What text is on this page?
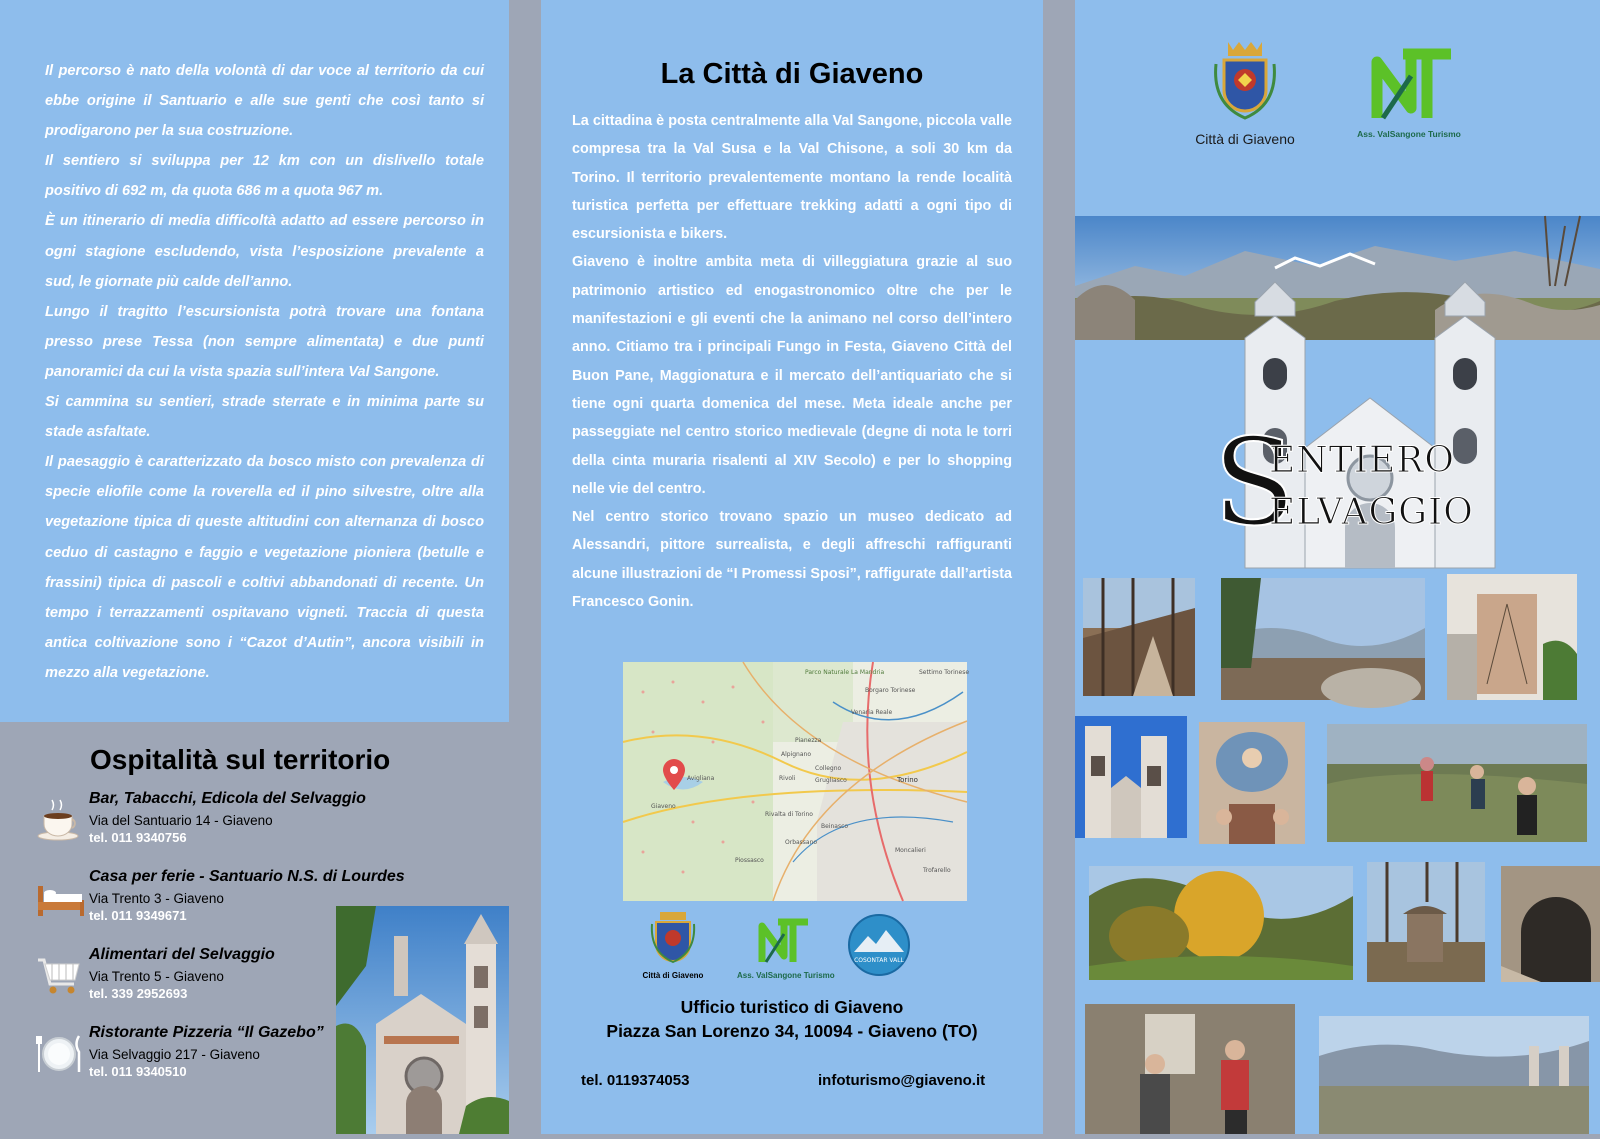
Il percorso è nato della volontà di dar voce al territorio da cui ebbe origine il Santuario e alle sue genti che così tanto si prodigarono per la sua costruzione.

Il sentiero si sviluppa per 12 km con un dislivello totale positivo di 692 m, da quota 686 m a quota 967 m.

È un itinerario di media difficoltà adatto ad essere percorso in ogni stagione escludendo, vista l’esposizione prevalente a sud, le giornate più calde dell’anno.

Lungo il tragitto l’escursionista potrà trovare una fontana presso prese Tessa (non sempre alimentata) e due punti panoramici da cui la vista spazia sull’intera Val Sangone.

Si cammina su sentieri, strade sterrate e in minima parte su stade asfaltate.

Il paesaggio è caratterizzato da bosco misto con prevalenza di specie eliofile come la roverella ed il pino silvestre, oltre alla vegetazione tipica di queste altitudini con alternanza di bosco ceduo di castagno e faggio e vegetazione pioniera (betulle e frassini) tipica di pascoli e coltivi abbandonati di recente. Un tempo i terrazzamenti ospitavano vigneti. Traccia di questa antica coltivazione sono i “Cazot d’Autin”, ancora visibili in mezzo alla vegetazione.

Ospitalità sul territorio
Bar, Tabacchi, Edicola del Selvaggio
Via del Santuario 14 - Giaveno
tel. 011 9340756
Casa per ferie - Santuario N.S. di Lourdes
Via Trento 3 - Giaveno
tel. 011 9349671
Alimentari del Selvaggio
Via Trento 5 - Giaveno
tel. 339 2952693
Ristorante Pizzeria “Il Gazebo”
Via Selvaggio 217 - Giaveno
tel. 011 9340510
La Città di Giaveno

La cittadina è posta centralmente alla Val Sangone, piccola valle compresa tra la Val Susa e la Val Chisone, a soli 30 km da Torino. Il territorio prevalentemente montano la rende località turistica perfetta per effettuare trekking adatti a ogni tipo di escursionista e bikers.

Giaveno è inoltre ambita meta di villeggiatura grazie al suo patrimonio artistico ed enogastronomico oltre che per le manifestazioni e gli eventi che la animano nel corso dell’intero anno. Citiamo tra i principali Fungo in Festa, Giaveno Città del Buon Pane, Maggionatura e il mercato dell’antiquariato che si tiene ogni quarta domenica del mese. Meta ideale anche per passeggiate nel centro storico medievale (degne di nota le torri della cinta muraria risalenti al XIV Secolo) e per lo shopping nelle vie del centro.

Nel centro storico trovano spazio un museo dedicato ad Alessandri, pittore surrealista, e degli affreschi raffiguranti alcune illustrazioni de “I Promessi Sposi”, raffigurate dall’artista Francesco Gonin.

Parco Naturale La Mandria
Borgaro Torinese
Venaria Reale
Pianezza
Alpignano
Avigliana
Collegno
Grugliasco	Torino
Rivoli
Giaveno
Rivalta di Torino
Beinasco
Orbassano
Piossasco
Moncalieri
Trofarello
Settimo Torinese
Città di Giaveno	Ass. ValSangone Turismo
COSONTAR VALL
Ufficio turistico di Giaveno
Piazza San Lorenzo 34, 10094 - Giaveno (TO)
tel. 0119374053	infoturismo@giaveno.it
Città di Giaveno	Ass. ValSangone Turismo
S
ENTIERO
ELVAGGIO
